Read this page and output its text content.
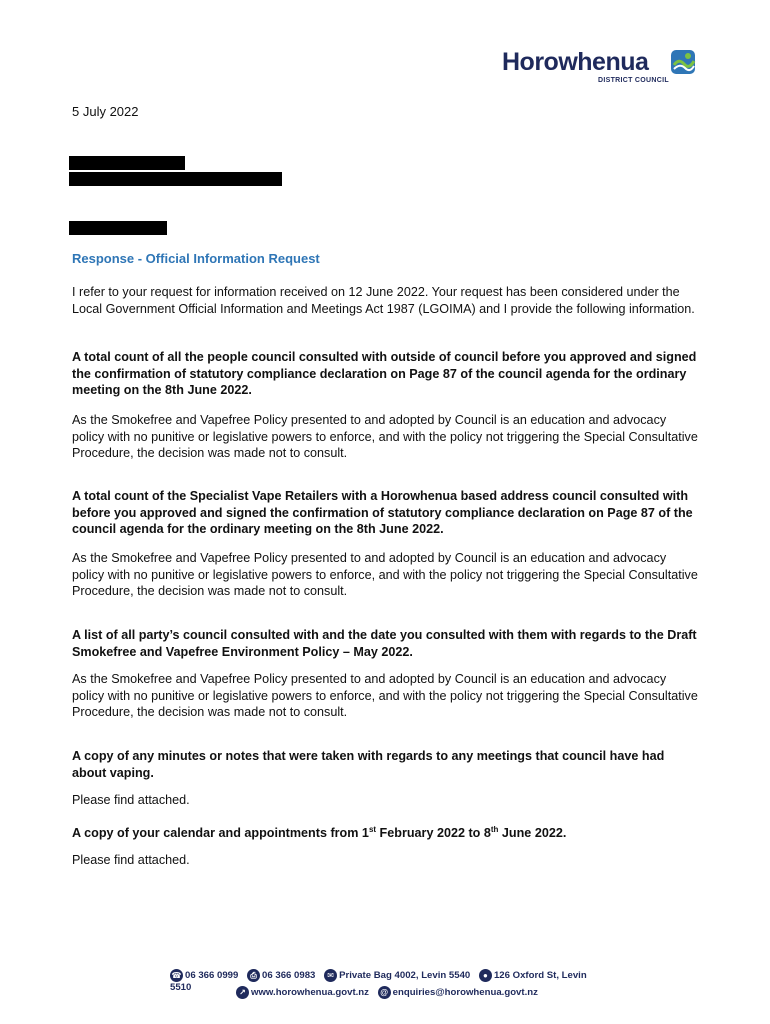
Horowhenua
DISTRICT COUNCIL
5 July 2022
Response - Official Information Request

I refer to your request for information received on 12 June 2022. Your request has been considered under the Local Government Official Information and Meetings Act 1987 (LGOIMA) and I provide the following information.

A total count of all the people council consulted with outside of council before you approved and signed the confirmation of statutory compliance declaration on Page 87 of the council agenda for the ordinary meeting on the 8th June 2022.

As the Smokefree and Vapefree Policy presented to and adopted by Council is an education and advocacy policy with no punitive or legislative powers to enforce, and with the policy not triggering the Special Consultative Procedure, the decision was made not to consult.

A total count of the Specialist Vape Retailers with a Horowhenua based address council consulted with before you approved and signed the confirmation of statutory compliance declaration on Page 87 of the council agenda for the ordinary meeting on the 8th June 2022.

As the Smokefree and Vapefree Policy presented to and adopted by Council is an education and advocacy policy with no punitive or legislative powers to enforce, and with the policy not triggering the Special Consultative Procedure, the decision was made not to consult.

A list of all party’s council consulted with and the date you consulted with them with regards to the Draft Smokefree and Vapefree Environment Policy – May 2022.

As the Smokefree and Vapefree Policy presented to and adopted by Council is an education and advocacy policy with no punitive or legislative powers to enforce, and with the policy not triggering the Special Consultative Procedure, the decision was made not to consult.

A copy of any minutes or notes that were taken with regards to any meetings that council have had about vaping.

Please find attached.

A copy of your calendar and appointments from 1st February 2022 to 8th June 2022.

Please find attached.

☎ 06 366 0999 ⎙ 06 366 0983 ✉ Private Bag 4002, Levin 5540 ● 126 Oxford St, Levin 5510	↗ www.horowhenua.govt.nz @ enquiries@horowhenua.govt.nz
